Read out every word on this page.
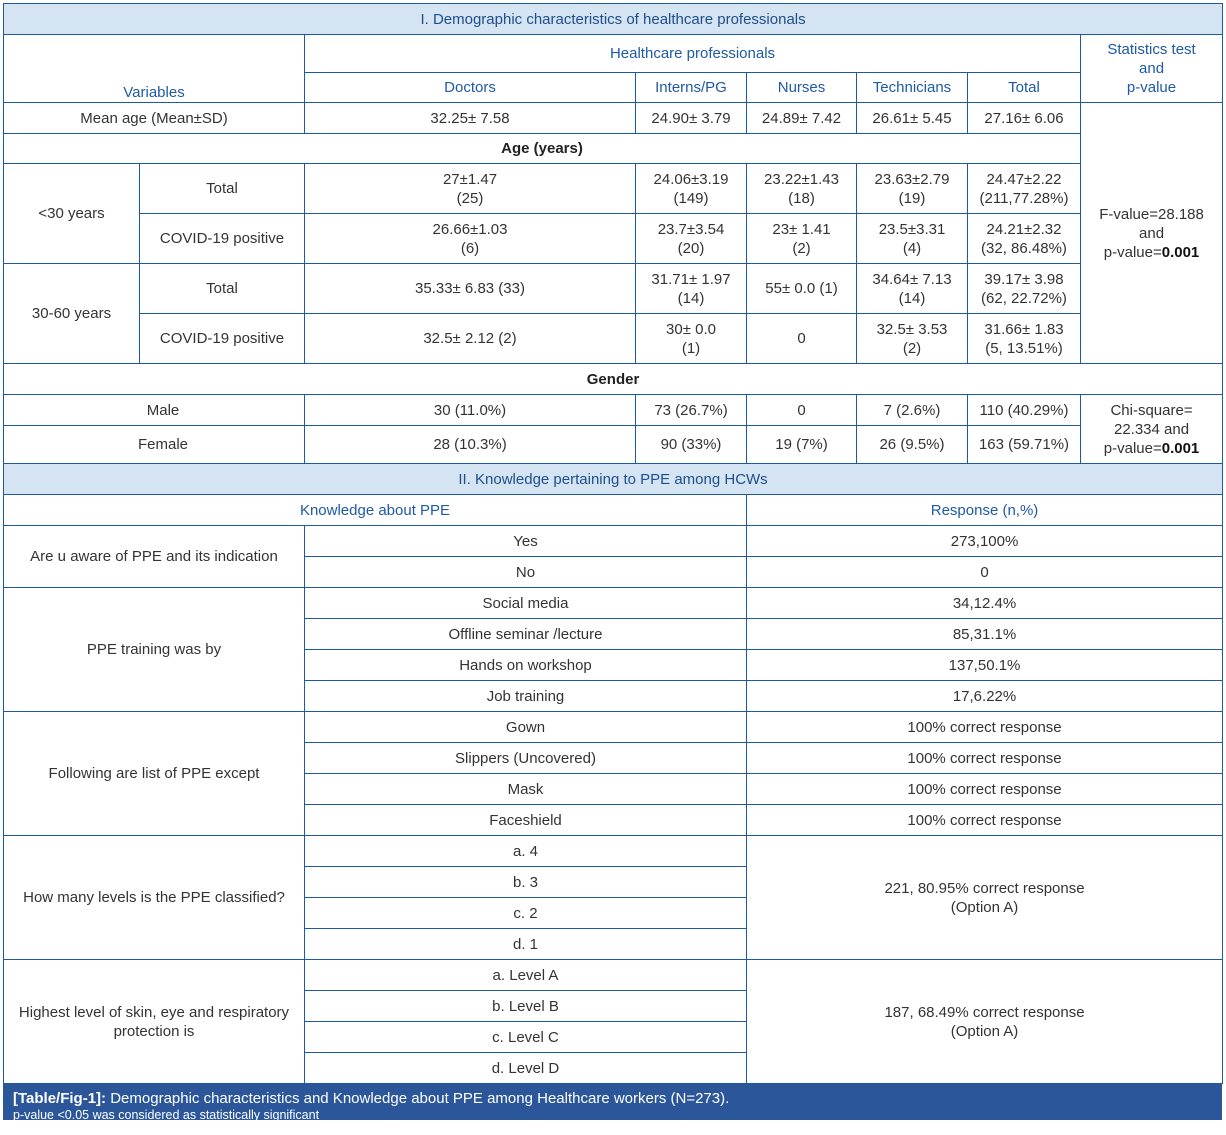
I. Demographic characteristics of healthcare professionals							
Variables		Healthcare professionals					Statistics test
and
p-value

		Doctors	Interns/PG	Nurses	Technicians	Total	
Mean age (Mean±SD)		32.25± 7.58	24.90± 3.79	24.89± 7.42	26.61± 5.45	27.16± 6.06	F-value=28.188
and
p-value=0.001

Age (years)							
<30 years	Total	27±1.47
(25)	24.06±3.19
(149)	23.22±1.43
(18)	23.63±2.79
(19)	24.47±2.22
(211,77.28%)	

	COVID-19 positive	26.66±1.03
(6)	23.7±3.54
(20)	23± 1.41
(2)	23.5±3.31
(4)	24.21±2.32
(32, 86.48%)	

30-60 years	Total	35.33± 6.83 (33)	31.71± 1.97
(14)	55± 0.0 (1)	34.64± 7.13
(14)	39.17± 3.98
(62, 22.72%)	

	COVID-19 positive	32.5± 2.12 (2)	30± 0.0
(1)	0	32.5± 3.53
(2)	31.66± 1.83
(5, 13.51%)	

Gender							
Male		30 (11.0%)	73 (26.7%)	0	7 (2.6%)	110 (40.29%)	Chi-square=
22.334 and
p-value=0.001

Female		28 (10.3%)	90 (33%)	19 (7%)	26 (9.5%)	163 (59.71%)	
II. Knowledge pertaining to PPE among HCWs							
Knowledge about PPE				Response (n,%)			
Are u aware of PPE and its indication		Yes		273,100%			
		No		0			
PPE training was by		Social media		34,12.4%			
		Offline seminar /lecture		85,31.1%			
		Hands on workshop		137,50.1%			
		Job training		17,6.22%			
Following are list of PPE except		Gown		100% correct response			
		Slippers (Uncovered)		100% correct response			
		Mask		100% correct response			
		Faceshield		100% correct response			
How many levels is the PPE classified?		a. 4		221, 80.95% correct response
(Option A)			

		b. 3					
		c. 2					
		d. 1					

Highest level of skin, eye and respiratory
protection is		a. Level A		187, 68.49% correct response
(Option A)			

		b. Level B					
		c. Level C					
		d. Level D					
[Table/Fig-1]: Demographic characteristics and Knowledge about PPE among Healthcare workers (N=273).
p-value <0.05 was considered as statistically significant
